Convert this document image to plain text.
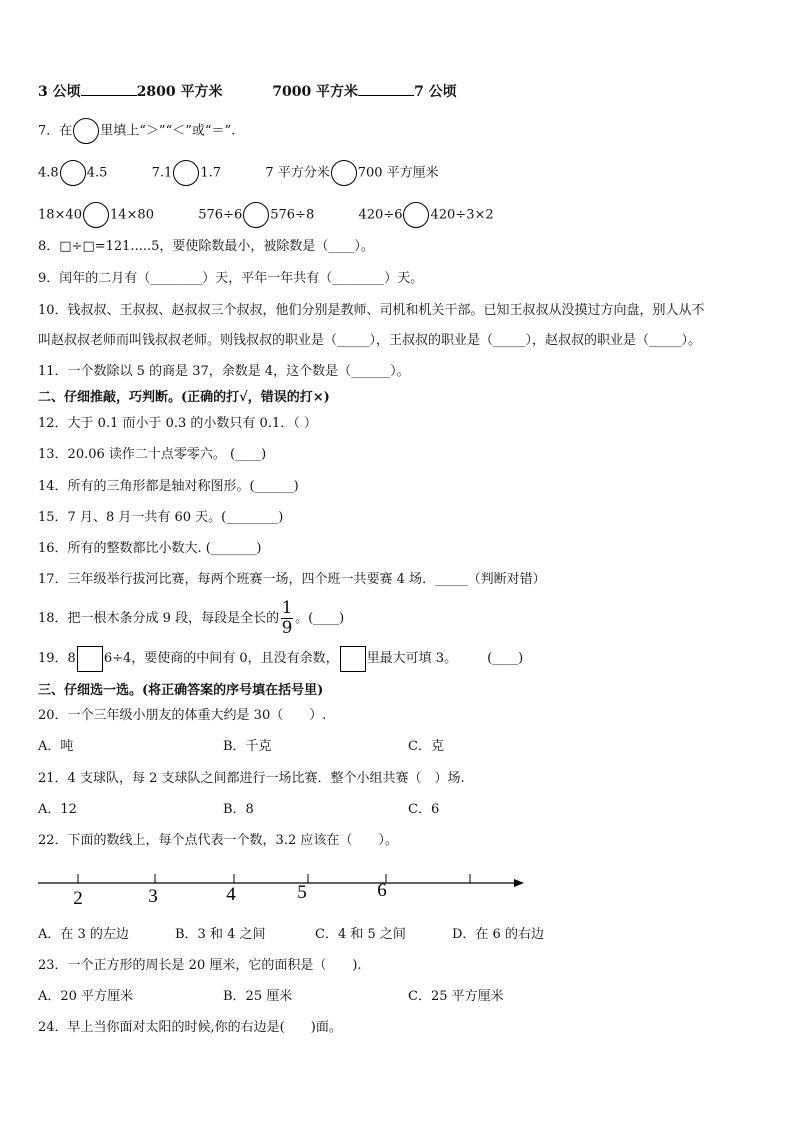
3 公顷	2800 平方米	7000 平方米	7 公顷
7．在 里填上“＞”“＜”或“＝”.
4.8 4.5	7.1 1.7	7 平方分米 700 平方厘米
18×40 14×80	576÷6 576÷8	420÷6 420÷3×2
8．□÷□=121.....5，要使除数最小，被除数是（____）。
9．闰年的二月有（________）天，平年一年共有（________）天。
10．钱叔叔、王叔叔、赵叔叔三个叔叔，他们分别是教师、司机和机关干部。已知王叔叔从没摸过方向盘，别人从不
叫赵叔叔老师而叫钱叔叔老师。则钱叔叔的职业是（_____），王叔叔的职业是（_____），赵叔叔的职业是（_____）。
11．一个数除以 5 的商是 37，余数是 4，这个数是（______）。
二、仔细推敲，巧判断。(正确的打√，错误的打×)
12．大于 0.1 而小于 0.3 的小数只有 0.1．（ ）
13．20.06 读作二十点零零六。 (____)
14．所有的三角形都是轴对称图形。(______)
15．7 月、8 月一共有 60 天。(________)
16．所有的整数都比小数大. (_______)
17．三年级举行拔河比赛，每两个班赛一场，四个班一共要赛 4 场．_____（判断对错）
18．把一根木条分成 9 段，每段是全长的 $\frac{1}{9}$ 。(____)
19．8 6÷4，要使商的中间有 0，且没有余数， 里最大可填 3。 (____)
三、仔细选一选。(将正确答案的序号填在括号里)
20．一个三年级小朋友的体重大约是 30（　　）.
A．吨	B．千克	C．克
21．4 支球队，每 2 支球队之间都进行一场比赛．整个小组共赛（　）场.
A．12	B．8	C．6
22．下面的数线上，每个点代表一个数，3.2 应该在（　　）。
2	3	4	5	6
A．在 3 的左边	B．3 和 4 之间	C．4 和 5 之间	D．在 6 的右边
23．一个正方形的周长是 20 厘米，它的面积是（　　).
A．20 平方厘米	B．25 厘米	C．25 平方厘米
24．早上当你面对太阳的时候,你的右边是(　　)面。
